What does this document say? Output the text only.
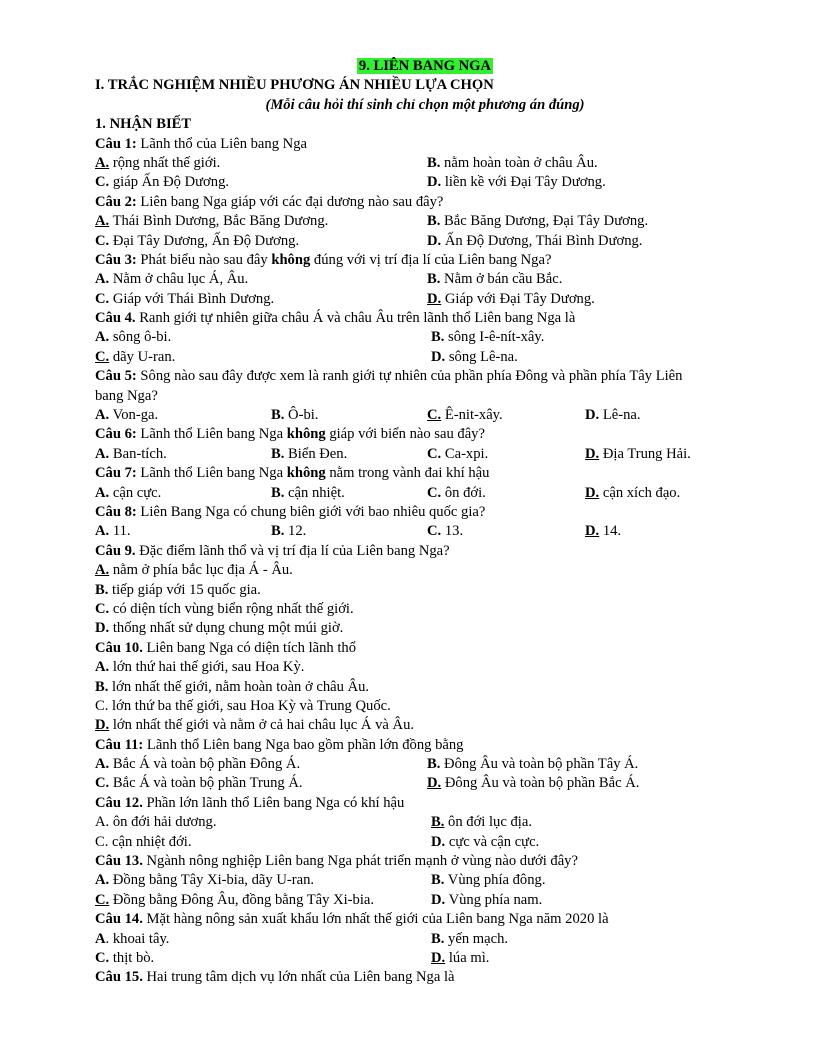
9. LIÊN BANG NGA
I. TRẮC NGHIỆM NHIỀU PHƯƠNG ÁN NHIỀU LỰA CHỌN
(Mỗi câu hỏi thí sinh chỉ chọn một phương án đúng)
1. NHẬN BIẾT
Câu 1: Lãnh thổ của Liên bang Nga
A. rộng nhất thế giới.	B. nằm hoàn toàn ở châu Âu.
C. giáp Ấn Độ Dương.	D. liền kề với Đại Tây Dương.
Câu 2: Liên bang Nga giáp với các đại dương nào sau đây?
A. Thái Bình Dương, Bắc Băng Dương.	B. Bắc Băng Dương, Đại Tây Dương.
C. Đại Tây Dương, Ấn Độ Dương.	D. Ấn Độ Dương, Thái Bình Dương.
Câu 3: Phát biểu nào sau đây không đúng với vị trí địa lí của Liên bang Nga?
A. Nằm ở châu lục Á, Âu.	B. Nằm ở bán cầu Bắc.
C. Giáp với Thái Bình Dương.	D. Giáp với Đại Tây Dương.
Câu 4. Ranh giới tự nhiên giữa châu Á và châu Âu trên lãnh thổ Liên bang Nga là
A. sông ô-bi.	B. sông I-ê-nít-xây.
C. dãy U-ran.	D. sông Lê-na.
Câu 5: Sông nào sau đây được xem là ranh giới tự nhiên của phần phía Đông và phần phía Tây Liên
bang Nga?
A. Von-ga.	B. Ô-bi.	C. Ê-nit-xây.	D. Lê-na.
Câu 6: Lãnh thổ Liên bang Nga không giáp với biển nào sau đây?
A. Ban-tích.	B. Biển Đen.	C. Ca-xpi.	D. Địa Trung Hải.
Câu 7: Lãnh thổ Liên bang Nga không nằm trong vành đai khí hậu
A. cận cực.	B. cận nhiệt.	C. ôn đới.	D. cận xích đạo.
Câu 8: Liên Bang Nga có chung biên giới với bao nhiêu quốc gia?
A. 11.	B. 12.	C. 13.	D. 14.
Câu 9. Đặc điểm lãnh thổ và vị trí địa lí của Liên bang Nga?
A. nằm ở phía bắc lục địa Á - Âu.
B. tiếp giáp với 15 quốc gia.
C. có diện tích vùng biển rộng nhất thế giới.
D. thống nhất sử dụng chung một múi giờ.
Câu 10. Liên bang Nga có diện tích lãnh thổ
A. lớn thứ hai thế giới, sau Hoa Kỳ.
B. lớn nhất thế giới, nằm hoàn toàn ở châu Âu.
C. lớn thứ ba thế giới, sau Hoa Kỳ và Trung Quốc.
D. lớn nhất thế giới và nằm ở cả hai châu lục Á và Âu.
Câu 11: Lãnh thổ Liên bang Nga bao gồm phần lớn đồng bằng
A. Bắc Á và toàn bộ phần Đông Á.	B. Đông Âu và toàn bộ phần Tây Á.
C. Bắc Á và toàn bộ phần Trung Á.	D. Đông Âu và toàn bộ phần Bắc Á.
Câu 12. Phần lớn lãnh thổ Liên bang Nga có khí hậu
A. ôn đới hải dương.	B. ôn đới lục địa.
C. cận nhiệt đới.	D. cực và cận cực.
Câu 13. Ngành nông nghiệp Liên bang Nga phát triển mạnh ở vùng nào dưới đây?
A. Đồng bằng Tây Xi-bia, dãy U-ran.	B. Vùng phía đông.
C. Đồng bằng Đông Âu, đồng bằng Tây Xi-bia.	D. Vùng phía nam.
Câu 14. Mặt hàng nông sản xuất khẩu lớn nhất thế giới của Liên bang Nga năm 2020 là
A. khoai tây.	B. yến mạch.
C. thịt bò.	D. lúa mì.
Câu 15. Hai trung tâm dịch vụ lớn nhất của Liên bang Nga là
